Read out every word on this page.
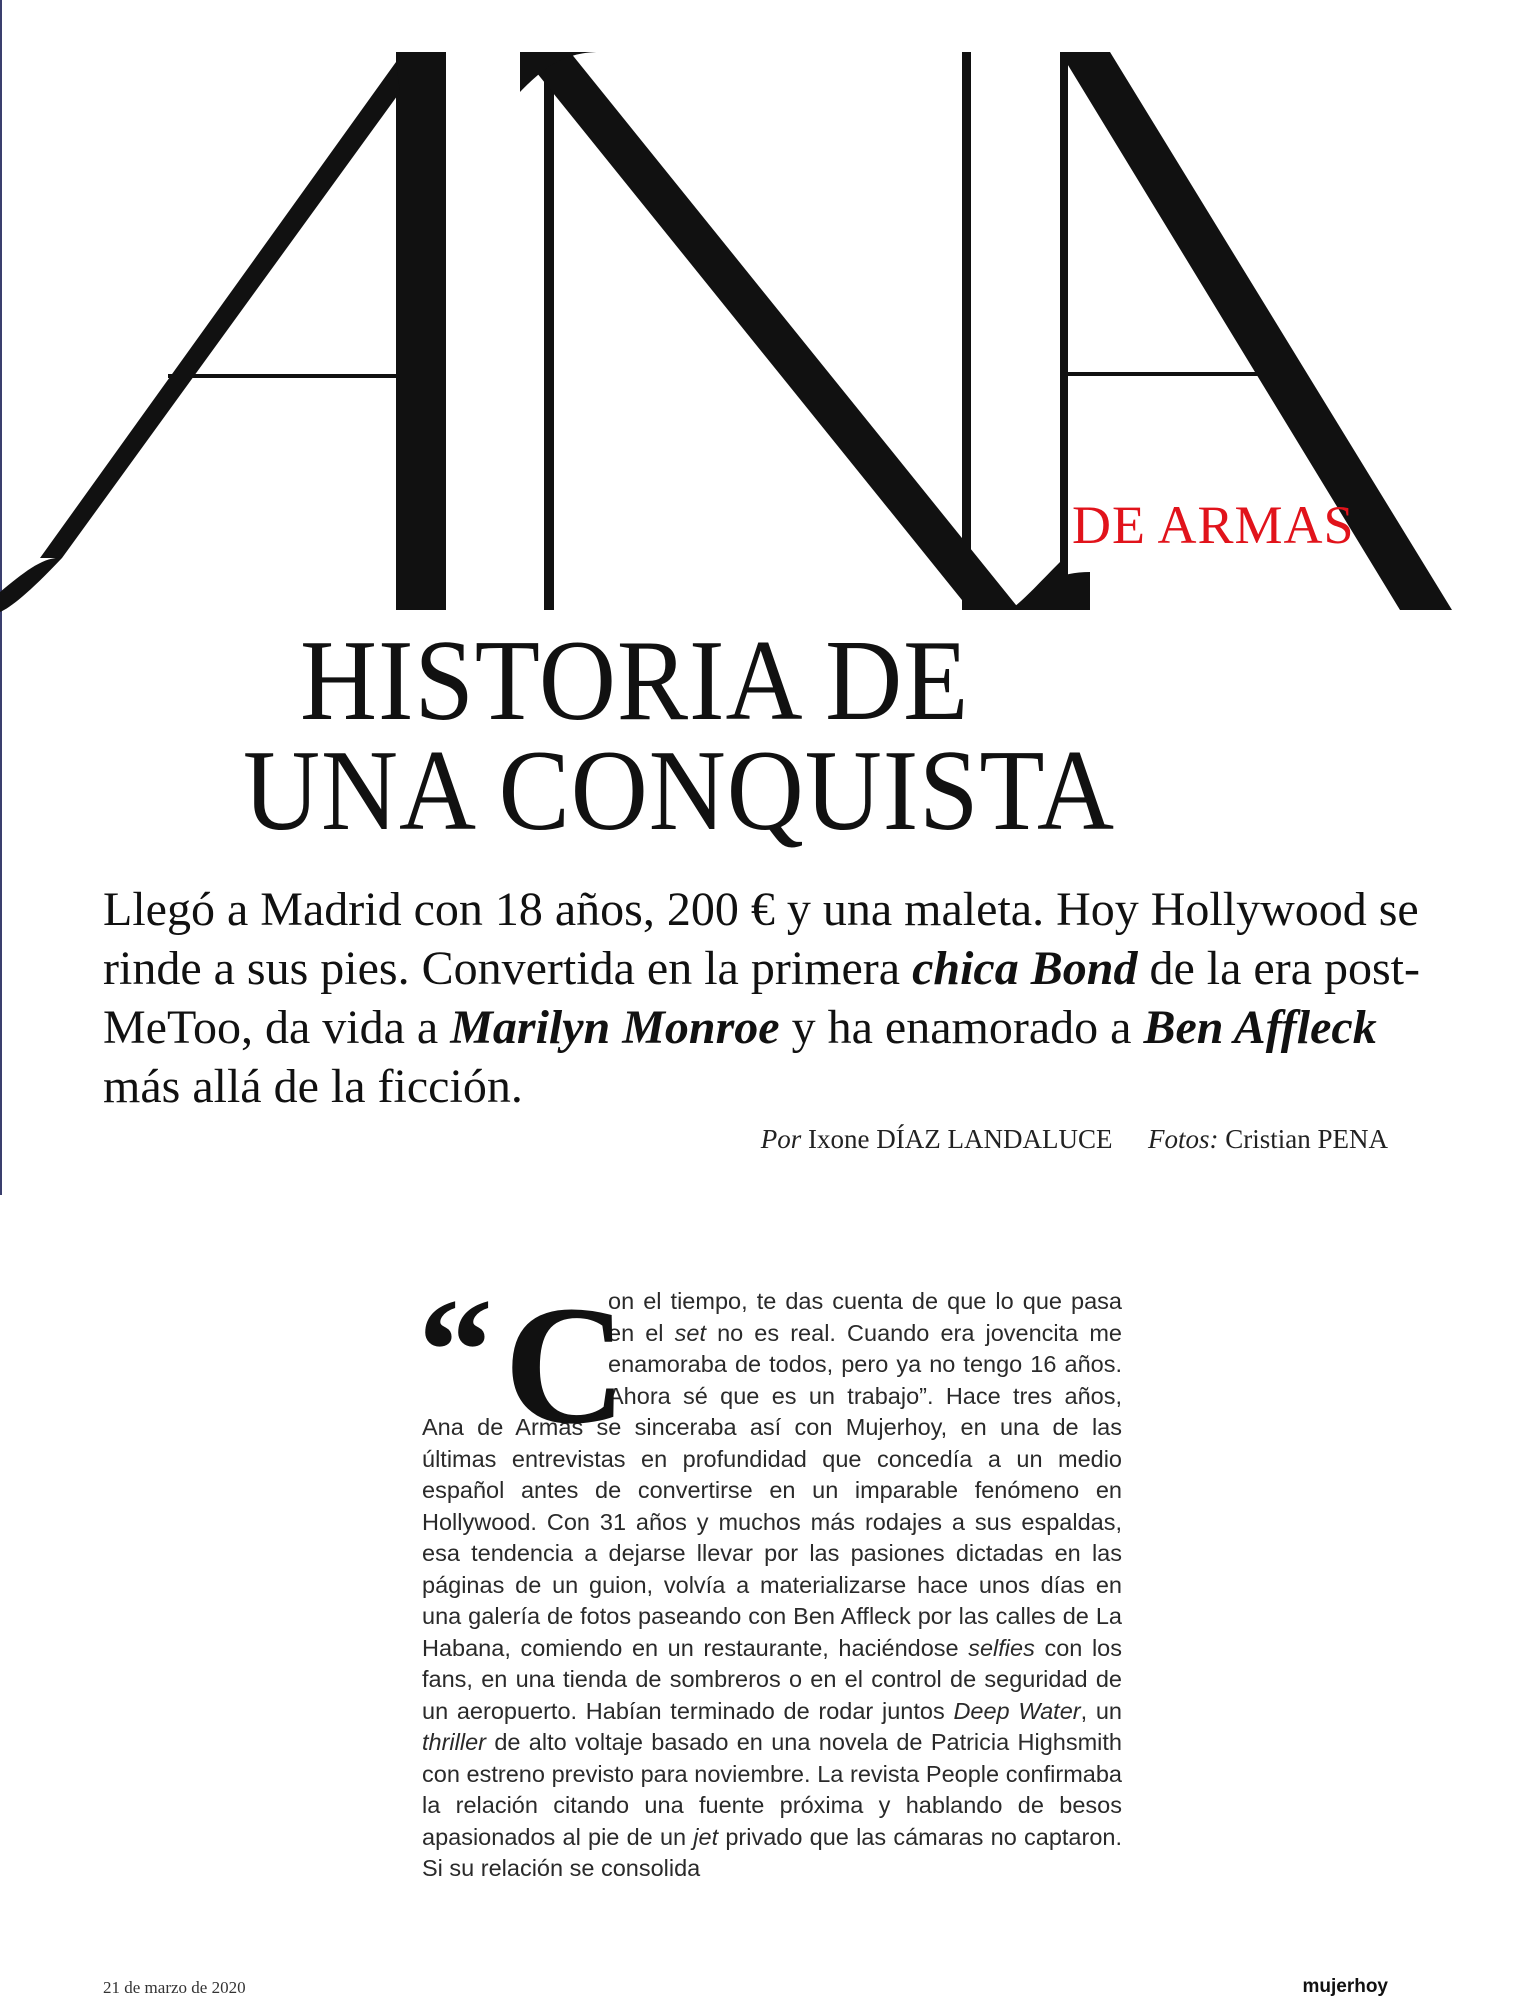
ANA
DE ARMAS
HISTORIA DE
UNA CONQUISTA
Llegó a Madrid con 18 años, 200 € y una maleta. Hoy Hollywood se rinde a sus pies. Convertida en la primera chica Bond de la era post-MeToo, da vida a Marilyn Monroe y ha enamorado a Ben Affleck más allá de la ficción.
Por Ixone DÍAZ LANDALUCE Fotos: Cristian PENA
“ C
on el tiempo, te das cuenta de que lo que pasa en el set no es real. Cuando era jovencita me enamoraba de todos, pero ya no tengo 16 años. Ahora sé que es un trabajo”. Hace tres años, Ana de Armas se sinceraba así con Mujerhoy, en una de las últimas entrevistas en profundidad que concedía a un medio español antes de convertirse en un imparable fenómeno en Hollywood. Con 31 años y muchos más rodajes a sus espaldas, esa tendencia a dejarse llevar por las pasiones dictadas en las páginas de un guion, volvía a materializarse hace unos días en una galería de fotos paseando con Ben Affleck por las calles de La Habana, comiendo en un restaurante, haciéndose selfies con los fans, en una tienda de sombreros o en el control de seguridad de un aeropuerto. Habían terminado de rodar juntos Deep Water, un thriller de alto voltaje basado en una novela de Patricia Highsmith con estreno previsto para noviembre. La revista People confirmaba la relación citando una fuente próxima y hablando de besos apasionados al pie de un jet privado que las cámaras no captaron. Si su relación se consolida
21 de marzo de 2020	mujerhoy
